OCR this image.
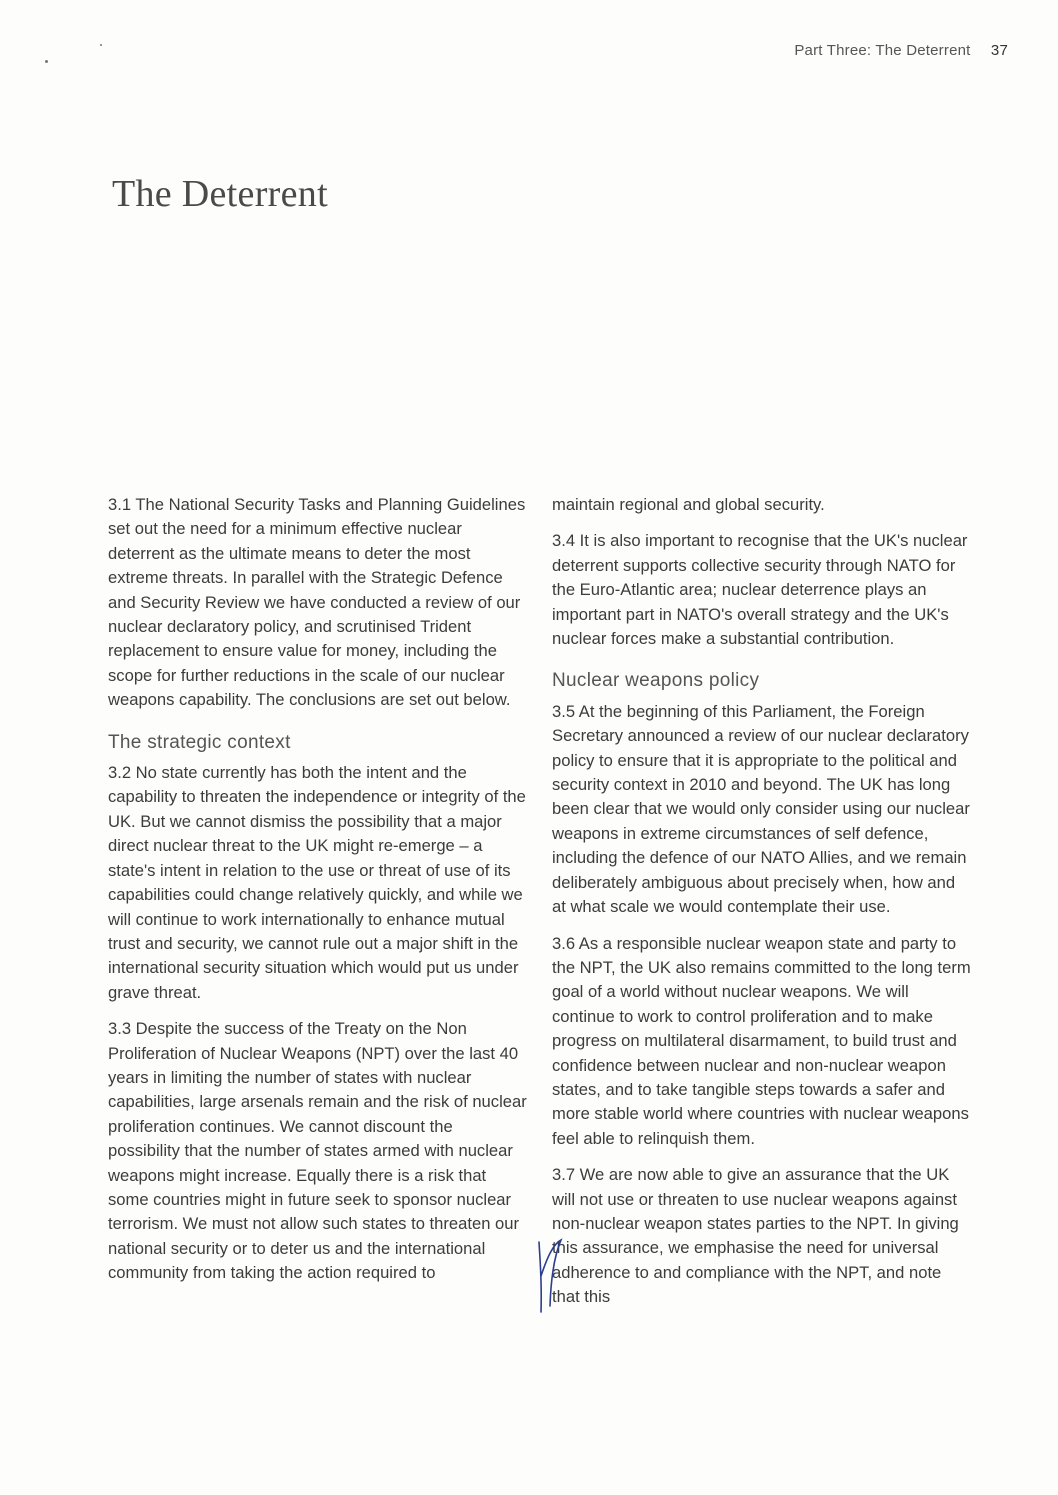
Part Three: The Deterrent 37
The Deterrent

3.1 The National Security Tasks and Planning Guidelines set out the need for a minimum effective nuclear deterrent as the ultimate means to deter the most extreme threats. In parallel with the Strategic Defence and Security Review we have conducted a review of our nuclear declaratory policy, and scrutinised Trident replacement to ensure value for money, including the scope for further reductions in the scale of our nuclear weapons capability. The conclusions are set out below.

The strategic context

3.2 No state currently has both the intent and the capability to threaten the independence or integrity of the UK. But we cannot dismiss the possibility that a major direct nuclear threat to the UK might re-emerge – a state's intent in relation to the use or threat of use of its capabilities could change relatively quickly, and while we will continue to work internationally to enhance mutual trust and security, we cannot rule out a major shift in the international security situation which would put us under grave threat.

3.3 Despite the success of the Treaty on the Non Proliferation of Nuclear Weapons (NPT) over the last 40 years in limiting the number of states with nuclear capabilities, large arsenals remain and the risk of nuclear proliferation continues. We cannot discount the possibility that the number of states armed with nuclear weapons might increase. Equally there is a risk that some countries might in future seek to sponsor nuclear terrorism. We must not allow such states to threaten our national security or to deter us and the international community from taking the action required to

maintain regional and global security.

3.4 It is also important to recognise that the UK's nuclear deterrent supports collective security through NATO for the Euro-Atlantic area; nuclear deterrence plays an important part in NATO's overall strategy and the UK's nuclear forces make a substantial contribution.

Nuclear weapons policy

3.5 At the beginning of this Parliament, the Foreign Secretary announced a review of our nuclear declaratory policy to ensure that it is appropriate to the political and security context in 2010 and beyond. The UK has long been clear that we would only consider using our nuclear weapons in extreme circumstances of self defence, including the defence of our NATO Allies, and we remain deliberately ambiguous about precisely when, how and at what scale we would contemplate their use.

3.6 As a responsible nuclear weapon state and party to the NPT, the UK also remains committed to the long term goal of a world without nuclear weapons. We will continue to work to control proliferation and to make progress on multilateral disarmament, to build trust and confidence between nuclear and non-nuclear weapon states, and to take tangible steps towards a safer and more stable world where countries with nuclear weapons feel able to relinquish them.

3.7 We are now able to give an assurance that the UK will not use or threaten to use nuclear weapons against non-nuclear weapon states parties to the NPT. In giving this assurance, we emphasise the need for universal adherence to and compliance with the NPT, and note that this
